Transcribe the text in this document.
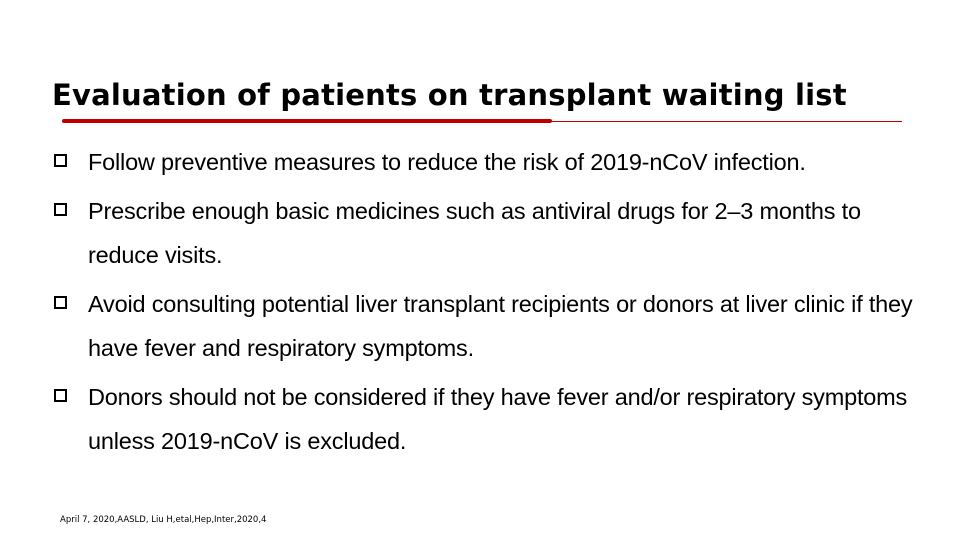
Evaluation of patients on transplant waiting list
Follow preventive measures to reduce the risk of 2019-nCoV infection.
Prescribe enough basic medicines such as antiviral drugs for 2–3 months to reduce visits.
Avoid consulting potential liver transplant recipients or donors at liver clinic if they have fever and respiratory symptoms.
Donors should not be considered if they have fever and/or respiratory symptoms unless 2019-nCoV is excluded.
April 7, 2020,AASLD, Liu H,etal,Hep,Inter,2020,4
